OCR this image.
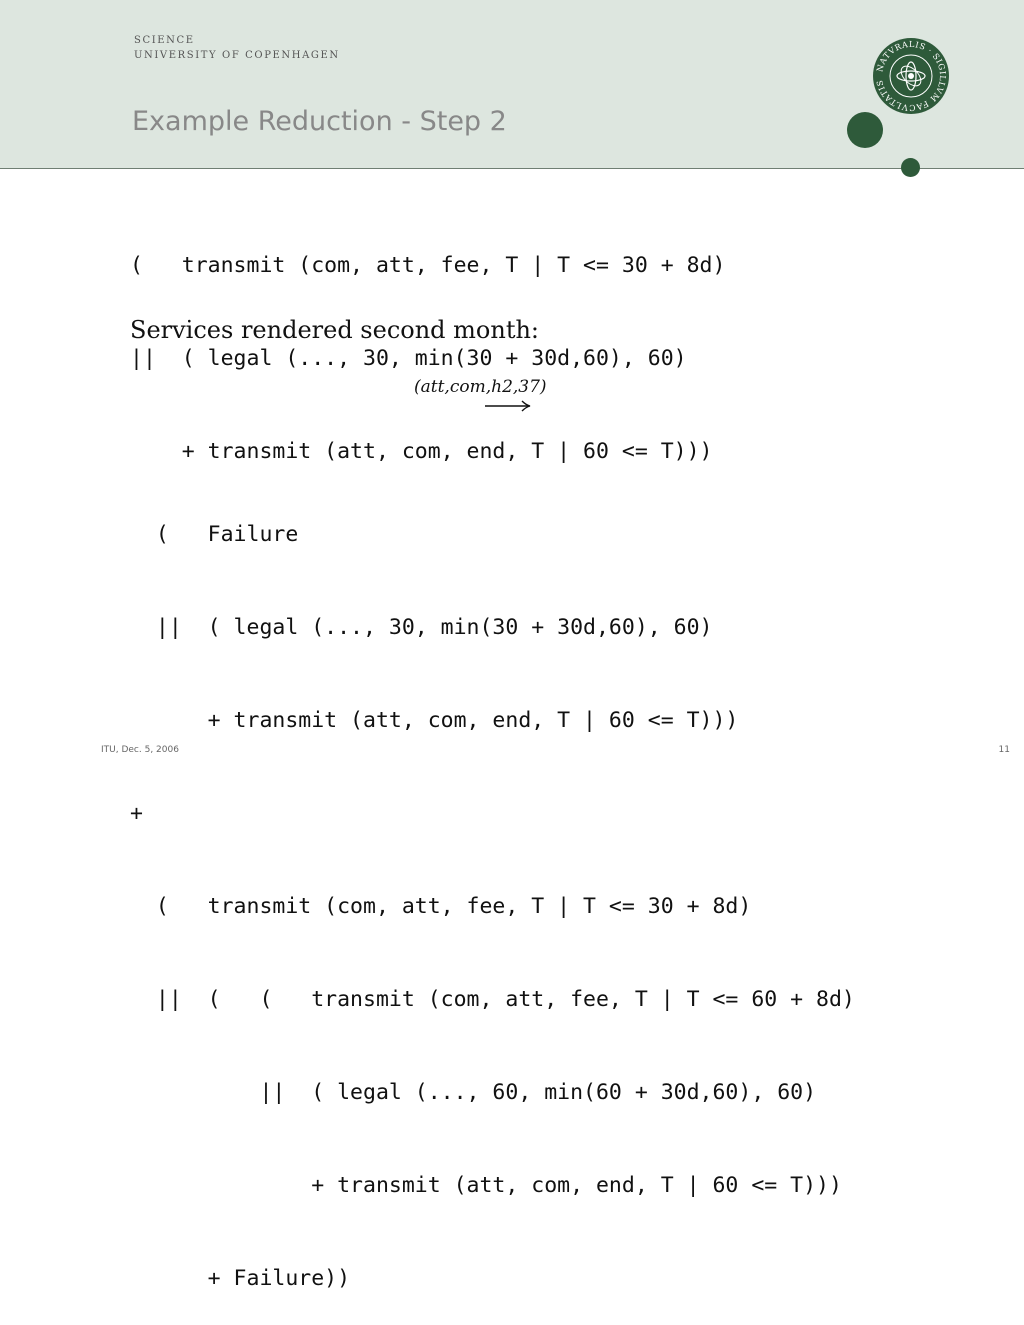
SCIENCE
UNIVERSITY OF COPENHAGEN
Example Reduction - Step 2
NATVRALIS · SIGILLVM FACVLTATIS

(   transmit (com, att, fee, T | T <= 30 + 8d)

||  ( legal (..., 30, min(30 + 30d,60), 60)

+ transmit (att, com, end, T | 60 <= T)))

Services rendered second month:
(att,com,h2,37)

(   Failure

||  ( legal (..., 30, min(30 + 30d,60), 60)

+ transmit (att, com, end, T | 60 <= T)))

+

(   transmit (com, att, fee, T | T <= 30 + 8d)

||  (   (   transmit (com, att, fee, T | T <= 60 + 8d)

||  ( legal (..., 60, min(60 + 30d,60), 60)

+ transmit (att, com, end, T | 60 <= T)))

+ Failure))

ITU, Dec. 5, 2006	11
